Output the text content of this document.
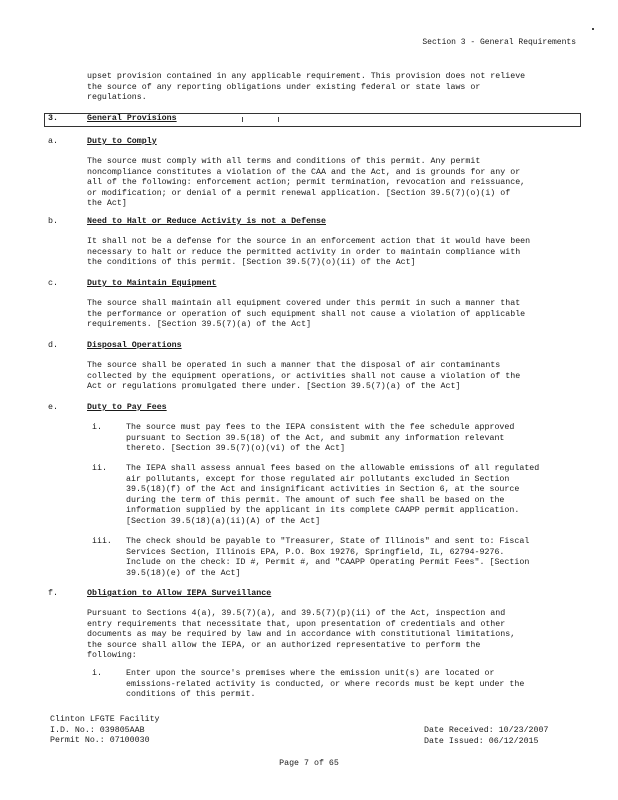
Section 3 - General Requirements
upset provision contained in any applicable requirement. This provision does not relieve
the source of any reporting obligations under existing federal or state laws or
regulations.
3.	General Provisions
a.	Duty to Comply
The source must comply with all terms and conditions of this permit. Any permit
noncompliance constitutes a violation of the CAA and the Act, and is grounds for any or
all of the following: enforcement action; permit termination, revocation and reissuance,
or modification; or denial of a permit renewal application. [Section 39.5(7)(o)(i) of
the Act]
b.	Need to Halt or Reduce Activity is not a Defense
It shall not be a defense for the source in an enforcement action that it would have been
necessary to halt or reduce the permitted activity in order to maintain compliance with
the conditions of this permit. [Section 39.5(7)(o)(ii) of the Act]
c.	Duty to Maintain Equipment
The source shall maintain all equipment covered under this permit in such a manner that
the performance or operation of such equipment shall not cause a violation of applicable
requirements. [Section 39.5(7)(a) of the Act]
d.	Disposal Operations
The source shall be operated in such a manner that the disposal of air contaminants
collected by the equipment operations, or activities shall not cause a violation of the
Act or regulations promulgated there under. [Section 39.5(7)(a) of the Act]
e.	Duty to Pay Fees
i.	The source must pay fees to the IEPA consistent with the fee schedule approved
pursuant to Section 39.5(18) of the Act, and submit any information relevant
thereto. [Section 39.5(7)(o)(vi) of the Act]
ii. The IEPA shall assess annual fees based on the allowable emissions of all regulated
air pollutants, except for those regulated air pollutants excluded in Section
39.5(18)(f) of the Act and insignificant activities in Section 6, at the source
during the term of this permit. The amount of such fee shall be based on the
information supplied by the applicant in its complete CAAPP permit application.
[Section 39.5(18)(a)(ii)(A) of the Act]
iii. The check should be payable to "Treasurer, State of Illinois" and sent to: Fiscal
Services Section, Illinois EPA, P.O. Box 19276, Springfield, IL, 62794-9276.
Include on the check: ID #, Permit #, and "CAAPP Operating Permit Fees". [Section
39.5(18)(e) of the Act]
f.	Obligation to Allow IEPA Surveillance
Pursuant to Sections 4(a), 39.5(7)(a), and 39.5(7)(p)(ii) of the Act, inspection and
entry requirements that necessitate that, upon presentation of credentials and other
documents as may be required by law and in accordance with constitutional limitations,
the source shall allow the IEPA, or an authorized representative to perform the
following:
i.	Enter upon the source's premises where the emission unit(s) are located or
emissions-related activity is conducted, or where records must be kept under the
conditions of this permit.
Clinton LFGTE Facility
I.D. No.: 039805AAB
Permit No.: 07100030
Date Received: 10/23/2007
Date Issued: 06/12/2015
Page 7 of 65
